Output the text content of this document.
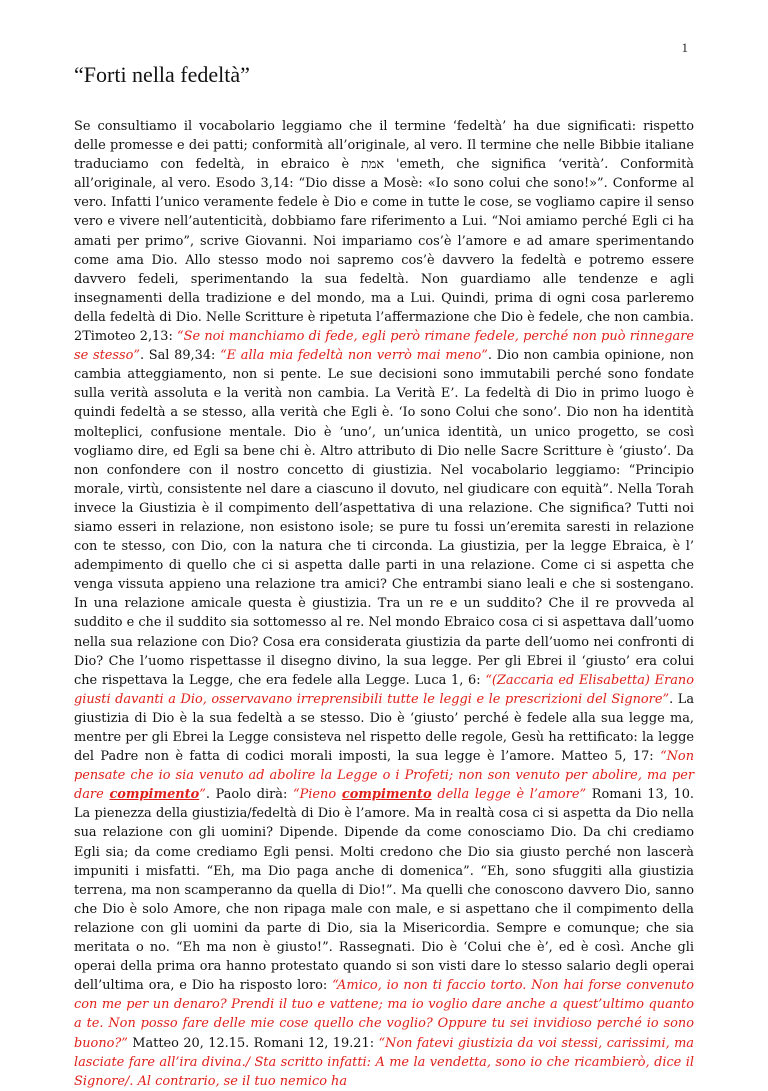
1
“Forti nella fedeltà”

Se consultiamo il vocabolario leggiamo che il termine ‘fedeltà’ ha due significati: rispetto delle promesse e dei patti; conformità all’originale, al vero. Il termine che nelle Bibbie italiane traduciamo con fedeltà, in ebraico è אמת 'emeth, che significa ‘verità’. Conformità all’originale, al vero. Esodo 3,14: “Dio disse a Mosè: «Io sono colui che sono!»”. Conforme al vero. Infatti l’unico veramente fedele è Dio e come in tutte le cose, se vogliamo capire il senso vero e vivere nell’autenticità, dobbiamo fare riferimento a Lui. “Noi amiamo perché Egli ci ha amati per primo”, scrive Giovanni. Noi impariamo cos’è l’amore e ad amare sperimentando come ama Dio. Allo stesso modo noi sapremo cos’è davvero la fedeltà e potremo essere davvero fedeli, sperimentando la sua fedeltà. Non guardiamo alle tendenze e agli insegnamenti della tradizione e del mondo, ma a Lui. Quindi, prima di ogni cosa parleremo della fedeltà di Dio. Nelle Scritture è ripetuta l’affermazione che Dio è fedele, che non cambia. 2Timoteo 2,13: “Se noi manchiamo di fede, egli però rimane fedele, perché non può rinnegare se stesso”. Sal 89,34: “E alla mia fedeltà non verrò mai meno”. Dio non cambia opinione, non cambia atteggiamento, non si pente. Le sue decisioni sono immutabili perché sono fondate sulla verità assoluta e la verità non cambia. La Verità E’. La fedeltà di Dio in primo luogo è quindi fedeltà a se stesso, alla verità che Egli è. ‘Io sono Colui che sono’. Dio non ha identità molteplici, confusione mentale. Dio è ‘uno’, un’unica identità, un unico progetto, se così vogliamo dire, ed Egli sa bene chi è. Altro attributo di Dio nelle Sacre Scritture è ‘giusto’. Da non confondere con il nostro concetto di giustizia. Nel vocabolario leggiamo: “Principio morale, virtù, consistente nel dare a ciascuno il dovuto, nel giudicare con equità”. Nella Torah invece la Giustizia è il compimento dell’aspettativa di una relazione. Che significa? Tutti noi siamo esseri in relazione, non esistono isole; se pure tu fossi un’eremita saresti in relazione con te stesso, con Dio, con la natura che ti circonda. La giustizia, per la legge Ebraica, è l’ adempimento di quello che ci si aspetta dalle parti in una relazione. Come ci si aspetta che venga vissuta appieno una relazione tra amici? Che entrambi siano leali e che si sostengano. In una relazione amicale questa è giustizia. Tra un re e un suddito? Che il re provveda al suddito e che il suddito sia sottomesso al re. Nel mondo Ebraico cosa ci si aspettava dall’uomo nella sua relazione con Dio? Cosa era considerata giustizia da parte dell’uomo nei confronti di Dio? Che l’uomo rispettasse il disegno divino, la sua legge. Per gli Ebrei il ‘giusto’ era colui che rispettava la Legge, che era fedele alla Legge. Luca 1, 6: “(Zaccaria ed Elisabetta) Erano giusti davanti a Dio, osservavano irreprensibili tutte le leggi e le prescrizioni del Signore”. La giustizia di Dio è la sua fedeltà a se stesso. Dio è ‘giusto’ perché è fedele alla sua legge ma, mentre per gli Ebrei la Legge consisteva nel rispetto delle regole, Gesù ha rettificato: la legge del Padre non è fatta di codici morali imposti, la sua legge è l’amore. Matteo 5, 17: “Non pensate che io sia venuto ad abolire la Legge o i Profeti; non son venuto per abolire, ma per dare compimento”. Paolo dirà: “Pieno compimento della legge è l’amore” Romani 13, 10. La pienezza della giustizia/fedeltà di Dio è l’amore. Ma in realtà cosa ci si aspetta da Dio nella sua relazione con gli uomini? Dipende. Dipende da come conosciamo Dio. Da chi crediamo Egli sia; da come crediamo Egli pensi. Molti credono che Dio sia giusto perché non lascerà impuniti i misfatti. “Eh, ma Dio paga anche di domenica”. “Eh, sono sfuggiti alla giustizia terrena, ma non scamperanno da quella di Dio!”. Ma quelli che conoscono davvero Dio, sanno che Dio è solo Amore, che non ripaga male con male, e si aspettano che il compimento della relazione con gli uomini da parte di Dio, sia la Misericordia. Sempre e comunque; che sia meritata o no. “Eh ma non è giusto!”. Rassegnati. Dio è ‘Colui che è’, ed è così. Anche gli operai della prima ora hanno protestato quando si son visti dare lo stesso salario degli operai dell’ultima ora, e Dio ha risposto loro: “Amico, io non ti faccio torto. Non hai forse convenuto con me per un denaro? Prendi il tuo e vattene; ma io voglio dare anche a quest’ultimo quanto a te. Non posso fare delle mie cose quello che voglio? Oppure tu sei invidioso perché io sono buono?” Matteo 20, 12.15. Romani 12, 19.21: “Non fatevi giustizia da voi stessi, carissimi, ma lasciate fare all’ira divina./ Sta scritto infatti: A me la vendetta, sono io che ricambierò, dice il Signore/. Al contrario, se il tuo nemico ha
